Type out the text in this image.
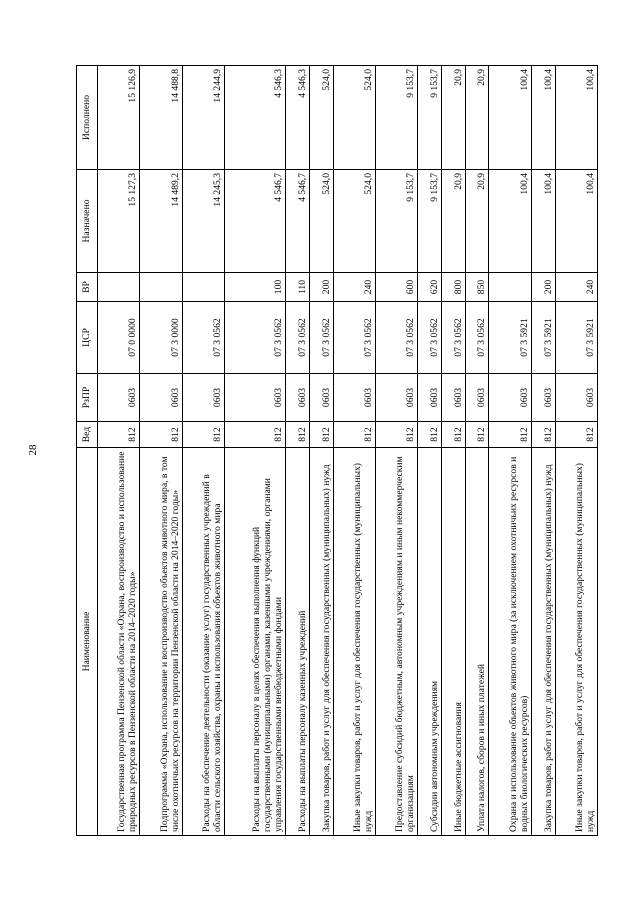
28
Наименование	Вед	РзПР	ЦСР	ВР	Назначено	Исполнено
Государственная программа Пензенской области «Охрана, воспроизводство и использование природных ресурсов в Пензенской области на 2014–2020 годы»	812	0603	07 0 0000		15 127,3	15 126,9
Подпрограмма «Охрана, использование и воспроизводство объектов животного мира, в том числе охотничьих ресурсов на территории Пензенской области на 2014–2020 годы»	812	0603	07 3 0000		14 489,2	14 488,8
Расходы на обеспечение деятельности (оказание услуг) государственных учреждений в области сельского хозяйства, охраны и использования объектов животного мира	812	0603	07 3 0562		14 245,3	14 244,9
Расходы на выплаты персоналу в целях обеспечения выполнения функций государственными (муниципальными) органами, казенными учреждениями, органами управления государственными внебюджетными фондами	812	0603	07 3 0562	100	4 546,7	4 546,3
Расходы на выплаты персоналу казенных учреждений	812	0603	07 3 0562	110	4 546,7	4 546,3
Закупка товаров, работ и услуг для обеспечения государственных (муниципальных) нужд	812	0603	07 3 0562	200	524,0	524,0
Иные закупки товаров, работ и услуг для обеспечения государственных (муниципальных) нужд	812	0603	07 3 0562	240	524,0	524,0
Предоставление субсидий бюджетным, автономным учреждениям и иным некоммерческим организациям	812	0603	07 3 0562	600	9 153,7	9 153,7
Субсидии автономным учреждениям	812	0603	07 3 0562	620	9 153,7	9 153,7
Иные бюджетные ассигнования	812	0603	07 3 0562	800	20,9	20,9
Уплата налогов, сборов и иных платежей	812	0603	07 3 0562	850	20,9	20,9
Охрана и использование объектов животного мира (за исключением охотничьих ресурсов и водных биологических ресурсов)	812	0603	07 3 5921		100,4	100,4
Закупка товаров, работ и услуг для обеспечения государственных (муниципальных) нужд	812	0603	07 3 5921	200	100,4	100,4
Иные закупки товаров, работ и услуг для обеспечения государственных (муниципальных) нужд	812	0603	07 3 5921	240	100,4	100,4
